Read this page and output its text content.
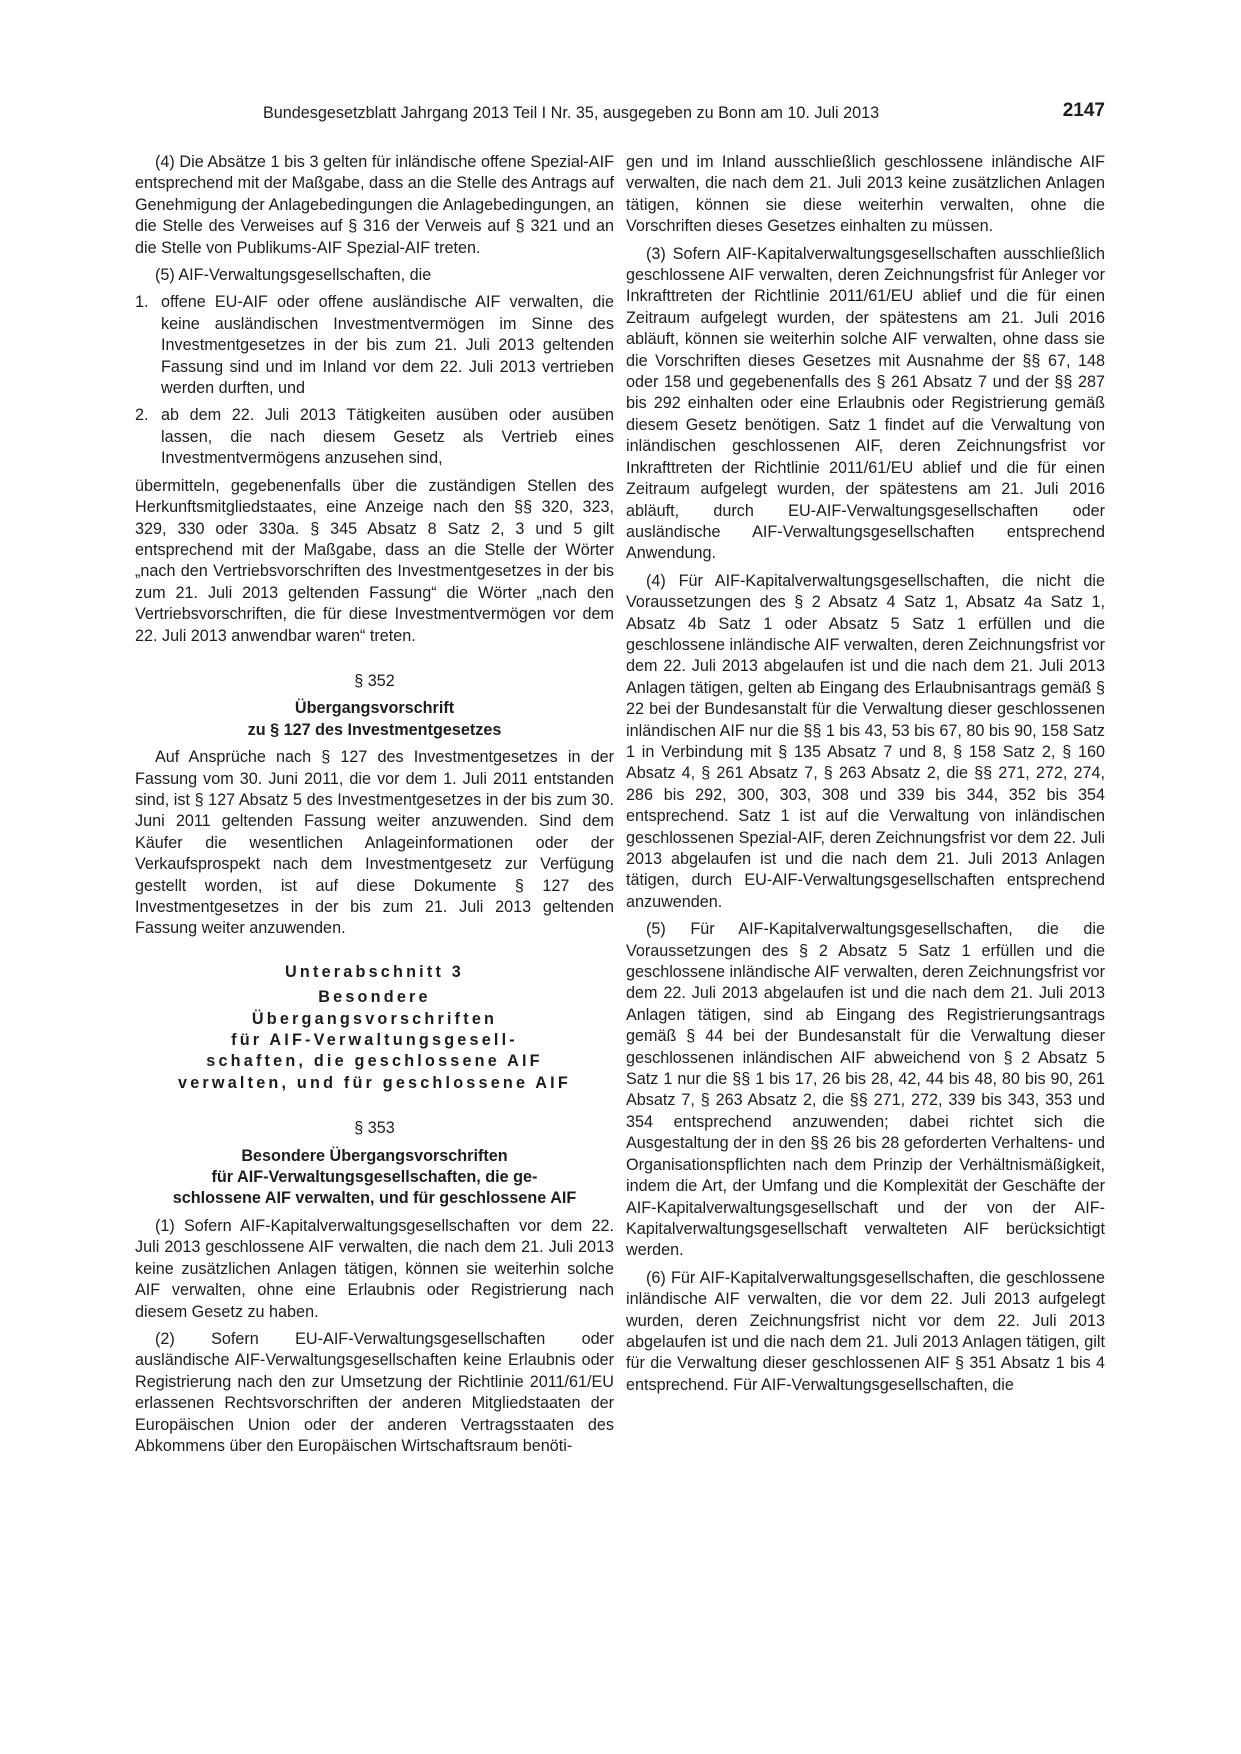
Bundesgesetzblatt Jahrgang 2013 Teil I Nr. 35, ausgegeben zu Bonn am 10. Juli 2013	2147

(4) Die Absätze 1 bis 3 gelten für inländische offene Spezial-AIF entsprechend mit der Maßgabe, dass an die Stelle des Antrags auf Genehmigung der Anlagebedingungen die Anlagebedingungen, an die Stelle des Verweises auf § 316 der Verweis auf § 321 und an die Stelle von Publikums-AIF Spezial-AIF treten.

(5) AIF-Verwaltungsgesellschaften, die

1. offene EU-AIF oder offene ausländische AIF verwalten, die keine ausländischen Investmentvermögen im Sinne des Investmentgesetzes in der bis zum 21. Juli 2013 geltenden Fassung sind und im Inland vor dem 22. Juli 2013 vertrieben werden durften, und
2. ab dem 22. Juli 2013 Tätigkeiten ausüben oder ausüben lassen, die nach diesem Gesetz als Vertrieb eines Investmentvermögens anzusehen sind,

übermitteln, gegebenenfalls über die zuständigen Stellen des Herkunftsmitgliedstaates, eine Anzeige nach den §§ 320, 323, 329, 330 oder 330a. § 345 Absatz 8 Satz 2, 3 und 5 gilt entsprechend mit der Maßgabe, dass an die Stelle der Wörter „nach den Vertriebsvorschriften des Investmentgesetzes in der bis zum 21. Juli 2013 geltenden Fassung“ die Wörter „nach den Vertriebsvorschriften, die für diese Investmentvermögen vor dem 22. Juli 2013 anwendbar waren“ treten.

§ 352
Übergangsvorschrift
zu § 127 des Investmentgesetzes

Auf Ansprüche nach § 127 des Investmentgesetzes in der Fassung vom 30. Juni 2011, die vor dem 1. Juli 2011 entstanden sind, ist § 127 Absatz 5 des Investmentgesetzes in der bis zum 30. Juni 2011 geltenden Fassung weiter anzuwenden. Sind dem Käufer die wesentlichen Anlageinformationen oder der Verkaufsprospekt nach dem Investmentgesetz zur Verfügung gestellt worden, ist auf diese Dokumente § 127 des Investmentgesetzes in der bis zum 21. Juli 2013 geltenden Fassung weiter anzuwenden.

Unterabschnitt 3
Besondere
Übergangsvorschriften
für AIF-Verwaltungsgesell-
schaften, die geschlossene AIF
verwalten, und für geschlossene AIF
§ 353
Besondere Übergangsvorschriften
für AIF-Verwaltungsgesellschaften, die ge-
schlossene AIF verwalten, und für geschlossene AIF

(1) Sofern AIF-Kapitalverwaltungsgesellschaften vor dem 22. Juli 2013 geschlossene AIF verwalten, die nach dem 21. Juli 2013 keine zusätzlichen Anlagen tätigen, können sie weiterhin solche AIF verwalten, ohne eine Erlaubnis oder Registrierung nach diesem Gesetz zu haben.

(2) Sofern EU-AIF-Verwaltungsgesellschaften oder ausländische AIF-Verwaltungsgesellschaften keine Erlaubnis oder Registrierung nach den zur Umsetzung der Richtlinie 2011/61/EU erlassenen Rechtsvorschriften der anderen Mitgliedstaaten der Europäischen Union oder der anderen Vertragsstaaten des Abkommens über den Europäischen Wirtschaftsraum benöti-

gen und im Inland ausschließlich geschlossene inländische AIF verwalten, die nach dem 21. Juli 2013 keine zusätzlichen Anlagen tätigen, können sie diese weiterhin verwalten, ohne die Vorschriften dieses Gesetzes einhalten zu müssen.

(3) Sofern AIF-Kapitalverwaltungsgesellschaften ausschließlich geschlossene AIF verwalten, deren Zeichnungsfrist für Anleger vor Inkrafttreten der Richtlinie 2011/61/EU ablief und die für einen Zeitraum aufgelegt wurden, der spätestens am 21. Juli 2016 abläuft, können sie weiterhin solche AIF verwalten, ohne dass sie die Vorschriften dieses Gesetzes mit Ausnahme der §§ 67, 148 oder 158 und gegebenenfalls des § 261 Absatz 7 und der §§ 287 bis 292 einhalten oder eine Erlaubnis oder Registrierung gemäß diesem Gesetz benötigen. Satz 1 findet auf die Verwaltung von inländischen geschlossenen AIF, deren Zeichnungsfrist vor Inkrafttreten der Richtlinie 2011/61/EU ablief und die für einen Zeitraum aufgelegt wurden, der spätestens am 21. Juli 2016 abläuft, durch EU-AIF-Verwaltungsgesellschaften oder ausländische AIF-Verwaltungsgesellschaften entsprechend Anwendung.

(4) Für AIF-Kapitalverwaltungsgesellschaften, die nicht die Voraussetzungen des § 2 Absatz 4 Satz 1, Absatz 4a Satz 1, Absatz 4b Satz 1 oder Absatz 5 Satz 1 erfüllen und die geschlossene inländische AIF verwalten, deren Zeichnungsfrist vor dem 22. Juli 2013 abgelaufen ist und die nach dem 21. Juli 2013 Anlagen tätigen, gelten ab Eingang des Erlaubnisantrags gemäß § 22 bei der Bundesanstalt für die Verwaltung dieser geschlossenen inländischen AIF nur die §§ 1 bis 43, 53 bis 67, 80 bis 90, 158 Satz 1 in Verbindung mit § 135 Absatz 7 und 8, § 158 Satz 2, § 160 Absatz 4, § 261 Absatz 7, § 263 Absatz 2, die §§ 271, 272, 274, 286 bis 292, 300, 303, 308 und 339 bis 344, 352 bis 354 entsprechend. Satz 1 ist auf die Verwaltung von inländischen geschlossenen Spezial-AIF, deren Zeichnungsfrist vor dem 22. Juli 2013 abgelaufen ist und die nach dem 21. Juli 2013 Anlagen tätigen, durch EU-AIF-Verwaltungsgesellschaften entsprechend anzuwenden.

(5) Für AIF-Kapitalverwaltungsgesellschaften, die die Voraussetzungen des § 2 Absatz 5 Satz 1 erfüllen und die geschlossene inländische AIF verwalten, deren Zeichnungsfrist vor dem 22. Juli 2013 abgelaufen ist und die nach dem 21. Juli 2013 Anlagen tätigen, sind ab Eingang des Registrierungsantrags gemäß § 44 bei der Bundesanstalt für die Verwaltung dieser geschlossenen inländischen AIF abweichend von § 2 Absatz 5 Satz 1 nur die §§ 1 bis 17, 26 bis 28, 42, 44 bis 48, 80 bis 90, 261 Absatz 7, § 263 Absatz 2, die §§ 271, 272, 339 bis 343, 353 und 354 entsprechend anzuwenden; dabei richtet sich die Ausgestaltung der in den §§ 26 bis 28 geforderten Verhaltens- und Organisationspflichten nach dem Prinzip der Verhältnismäßigkeit, indem die Art, der Umfang und die Komplexität der Geschäfte der AIF-Kapitalverwaltungsgesellschaft und der von der AIF-Kapitalverwaltungsgesellschaft verwalteten AIF berücksichtigt werden.

(6) Für AIF-Kapitalverwaltungsgesellschaften, die geschlossene inländische AIF verwalten, die vor dem 22. Juli 2013 aufgelegt wurden, deren Zeichnungsfrist nicht vor dem 22. Juli 2013 abgelaufen ist und die nach dem 21. Juli 2013 Anlagen tätigen, gilt für die Verwaltung dieser geschlossenen AIF § 351 Absatz 1 bis 4 entsprechend. Für AIF-Verwaltungsgesellschaften, die
